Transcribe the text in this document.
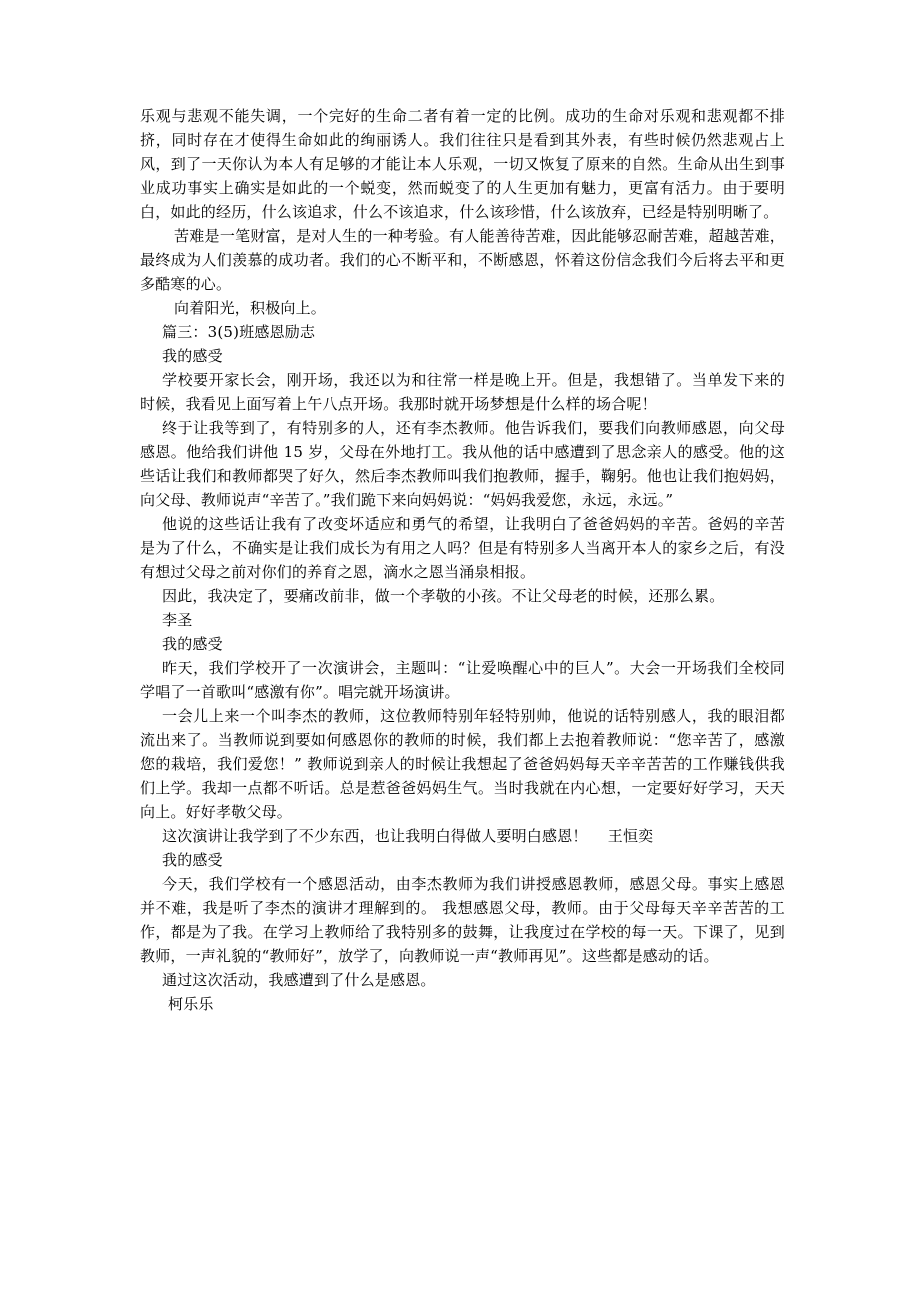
乐观与悲观不能失调，一个完好的生命二者有着一定的比例。成功的生命对乐观和悲观都不排挤，同时存在才使得生命如此的绚丽诱人。我们往往只是看到其外表，有些时候仍然悲观占上风，到了一天你认为本人有足够的才能让本人乐观，一切又恢复了原来的自然。生命从出生到事业成功事实上确实是如此的一个蜕变，然而蜕变了的人生更加有魅力，更富有活力。由于要明白，如此的经历，什么该追求，什么不该追求，什么该珍惜，什么该放弃，已经是特别明晰了。

苦难是一笔财富，是对人生的一种考验。有人能善待苦难，因此能够忍耐苦难，超越苦难，最终成为人们羡慕的成功者。我们的心不断平和，不断感恩，怀着这份信念我们今后将去平和更多酷寒的心。

向着阳光，积极向上。

篇三：3(5)班感恩励志

我的感受

学校要开家长会，刚开场，我还以为和往常一样是晚上开。但是，我想错了。当单发下来的时候，我看见上面写着上午八点开场。我那时就开场梦想是什么样的场合呢！

终于让我等到了，有特别多的人，还有李杰教师。他告诉我们，要我们向教师感恩，向父母感恩。他给我们讲他 15 岁，父母在外地打工。我从他的话中感遭到了思念亲人的感受。他的这些话让我们和教师都哭了好久，然后李杰教师叫我们抱教师，握手，鞠躬。他也让我们抱妈妈，向父母、教师说声“辛苦了。”我们跪下来向妈妈说：“妈妈我爱您，永远，永远。”

他说的这些话让我有了改变坏适应和勇气的希望，让我明白了爸爸妈妈的辛苦。爸妈的辛苦是为了什么，不确实是让我们成长为有用之人吗？但是有特别多人当离开本人的家乡之后，有没有想过父母之前对你们的养育之恩，滴水之恩当涌泉相报。

因此，我决定了，要痛改前非，做一个孝敬的小孩。不让父母老的时候，还那么累。

李圣

我的感受

昨天，我们学校开了一次演讲会，主题叫：“让爱唤醒心中的巨人”。大会一开场我们全校同学唱了一首歌叫“感激有你”。唱完就开场演讲。

一会儿上来一个叫李杰的教师，这位教师特别年轻特别帅，他说的话特别感人，我的眼泪都流出来了。当教师说到要如何感恩你的教师的时候，我们都上去抱着教师说：“您辛苦了，感激您的栽培，我们爱您！” 教师说到亲人的时候让我想起了爸爸妈妈每天辛辛苦苦的工作赚钱供我们上学。我却一点都不听话。总是惹爸爸妈妈生气。当时我就在内心想，一定要好好学习，天天向上。好好孝敬父母。

这次演讲让我学到了不少东西，也让我明白得做人要明白感恩！　 王恒奕

我的感受

今天，我们学校有一个感恩活动，由李杰教师为我们讲授感恩教师，感恩父母。事实上感恩并不难，我是听了李杰的演讲才理解到的。 我想感恩父母，教师。由于父母每天辛辛苦苦的工作，都是为了我。在学习上教师给了我特别多的鼓舞，让我度过在学校的每一天。下课了，见到教师，一声礼貌的“教师好”，放学了，向教师说一声“教师再见”。这些都是感动的话。

通过这次活动，我感遭到了什么是感恩。

柯乐乐
